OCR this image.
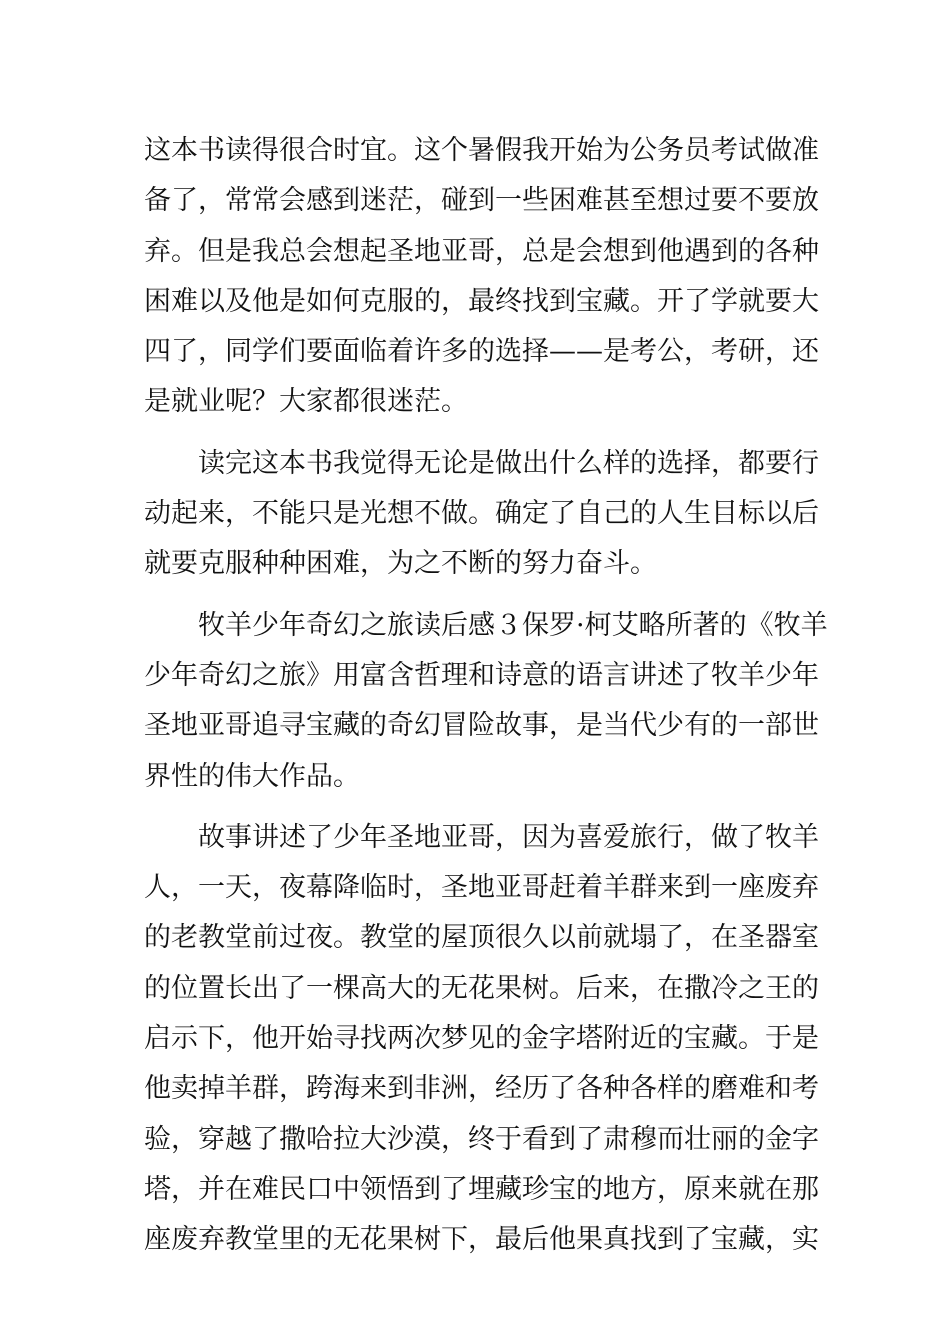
这本书读得很合时宜。这个暑假我开始为公务员考试做准
备了，常常会感到迷茫，碰到一些困难甚至想过要不要放
弃。但是我总会想起圣地亚哥，总是会想到他遇到的各种
困难以及他是如何克服的，最终找到宝藏。开了学就要大
四了，同学们要面临着许多的选择——是考公，考研，还
是就业呢？大家都很迷茫。
读完这本书我觉得无论是做出什么样的选择，都要行
动起来，不能只是光想不做。确定了自己的人生目标以后
就要克服种种困难，为之不断的努力奋斗。
牧羊少年奇幻之旅读后感３保罗·柯艾略所著的《牧羊
少年奇幻之旅》用富含哲理和诗意的语言讲述了牧羊少年
圣地亚哥追寻宝藏的奇幻冒险故事，是当代少有的一部世
界性的伟大作品。
故事讲述了少年圣地亚哥，因为喜爱旅行，做了牧羊
人，一天，夜幕降临时，圣地亚哥赶着羊群来到一座废弃
的老教堂前过夜。教堂的屋顶很久以前就塌了，在圣器室
的位置长出了一棵高大的无花果树。后来，在撒冷之王的
启示下，他开始寻找两次梦见的金字塔附近的宝藏。于是
他卖掉羊群，跨海来到非洲，经历了各种各样的磨难和考
验，穿越了撒哈拉大沙漠，终于看到了肃穆而壮丽的金字
塔，并在难民口中领悟到了埋藏珍宝的地方，原来就在那
座废弃教堂里的无花果树下，最后他果真找到了宝藏，实
